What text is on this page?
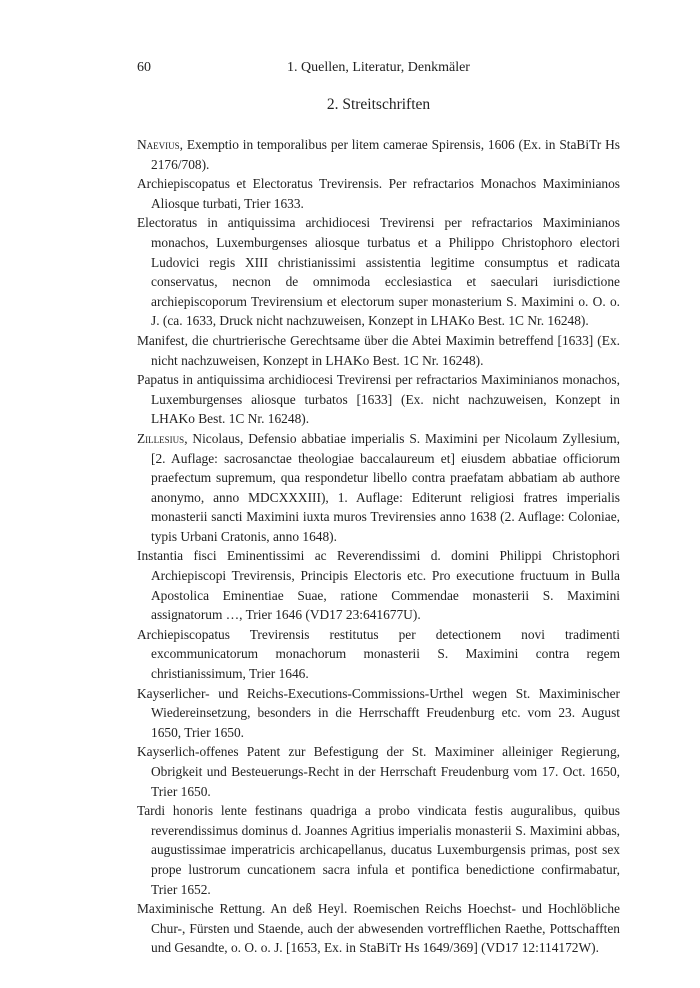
60	1. Quellen, Literatur, Denkmäler
2. Streitschriften

Naevius, Exemptio in temporalibus per litem camerae Spirensis, 1606 (Ex. in StaBiTr Hs 2176/708).

Archiepiscopatus et Electoratus Trevirensis. Per refractarios Monachos Maximinianos Aliosque turbati, Trier 1633.

Electoratus in antiquissima archidiocesi Trevirensi per refractarios Maximinianos monachos, Luxemburgenses aliosque turbatus et a Philippo Christophoro electori Ludovici regis XIII christianissimi assistentia legitime consumptus et radicata conservatus, necnon de omnimoda ecclesiastica et saeculari iurisdictione archiepiscoporum Trevirensium et electorum super monasterium S. Maximini o. O. o. J. (ca. 1633, Druck nicht nachzuweisen, Konzept in LHAKo Best. 1C Nr. 16248).

Manifest, die churtrierische Gerechtsame über die Abtei Maximin betreffend [1633] (Ex. nicht nachzuweisen, Konzept in LHAKo Best. 1C Nr. 16248).

Papatus in antiquissima archidiocesi Trevirensi per refractarios Maximinianos monachos, Luxemburgenses aliosque turbatos [1633] (Ex. nicht nachzuweisen, Konzept in LHAKo Best. 1C Nr. 16248).

Zillesius, Nicolaus, Defensio abbatiae imperialis S. Maximini per Nicolaum Zyllesium, [2. Auflage: sacrosanctae theologiae baccalaureum et] eiusdem abbatiae officiorum praefectum supremum, qua respondetur libello contra praefatam abbatiam ab authore anonymo, anno MDCXXXIII), 1. Auflage: Editerunt religiosi fratres imperialis monasterii sancti Maximini iuxta muros Trevirensies anno 1638 (2. Auflage: Coloniae, typis Urbani Cratonis, anno 1648).

Instantia fisci Eminentissimi ac Reverendissimi d. domini Philippi Christophori Archiepiscopi Trevirensis, Principis Electoris etc. Pro executione fructuum in Bulla Apostolica Eminentiae Suae, ratione Commendae monasterii S. Maximini assignatorum …, Trier 1646 (VD17 23:641677U).

Archiepiscopatus Trevirensis restitutus per detectionem novi tradimenti excommunicatorum monachorum monasterii S. Maximini contra regem christianissimum, Trier 1646.

Kayserlicher- und Reichs-Executions-Commissions-Urthel wegen St. Maximinischer Wiedereinsetzung, besonders in die Herrschafft Freudenburg etc. vom 23. August 1650, Trier 1650.

Kayserlich-offenes Patent zur Befestigung der St. Maximiner alleiniger Regierung, Obrigkeit und Besteuerungs-Recht in der Herrschaft Freudenburg vom 17. Oct. 1650, Trier 1650.

Tardi honoris lente festinans quadriga a probo vindicata festis auguralibus, quibus reverendissimus dominus d. Joannes Agritius imperialis monasterii S. Maximini abbas, augustissimae imperatricis archicapellanus, ducatus Luxemburgensis primas, post sex prope lustrorum cuncationem sacra infula et pontifica benedictione confirmabatur, Trier 1652.

Maximinische Rettung. An deß Heyl. Roemischen Reichs Hoechst- und Hochlöbliche Chur-, Fürsten und Staende, auch der abwesenden vortrefflichen Raethe, Pottschafften und Gesandte, o. O. o. J. [1653, Ex. in StaBiTr Hs 1649/369] (VD17 12:114172W).
